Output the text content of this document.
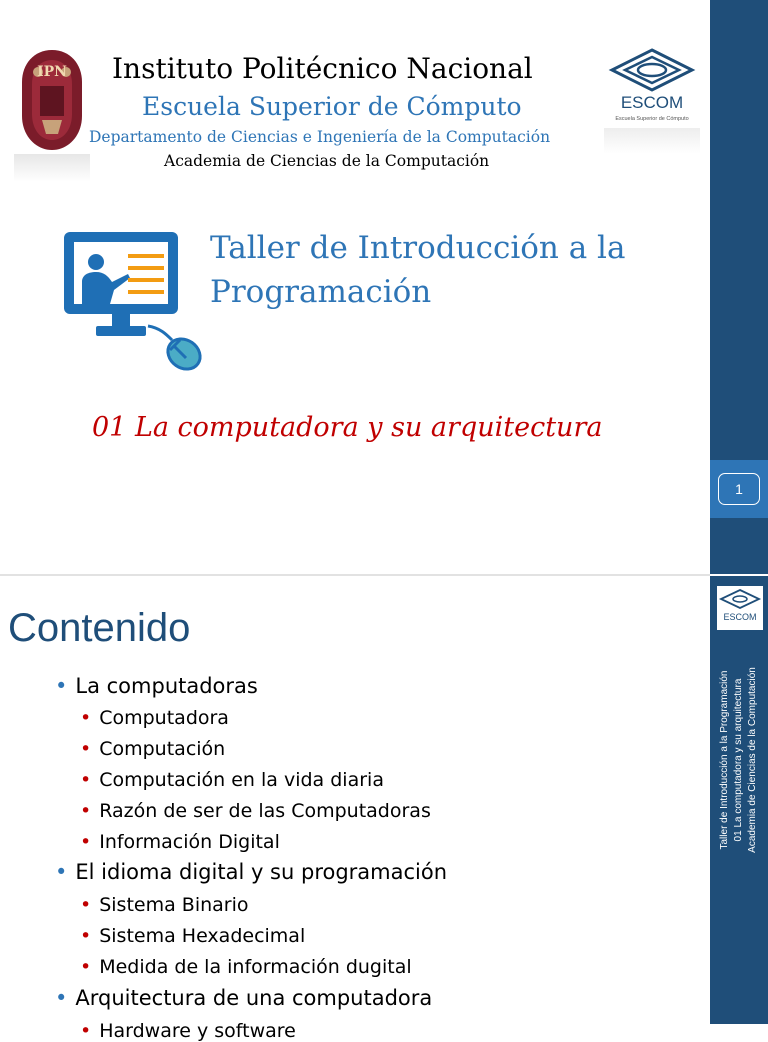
IPN Instituto Politécnico Nacional
Escuela Superior de Cómputo
Departamento de Ciencias e Ingeniería de la Computación
Academia de Ciencias de la Computación
ESCOM
Escuela Superior de Cómputo
Taller de Introducción a la Programación
01 La computadora y su arquitectura
1
Contenido
• La computadoras
• Computadora
• Computación
• Computación en la vida diaria
• Razón de ser de las Computadoras
• Información Digital
• El idioma digital y su programación
• Sistema Binario
• Sistema Hexadecimal
• Medida de la información dugital
• Arquitectura de una computadora
• Hardware y software
ESCOM
Taller de Introducción a la Programación 01 La computadora y su arquitectura Academia de Ciencias de la Computación
